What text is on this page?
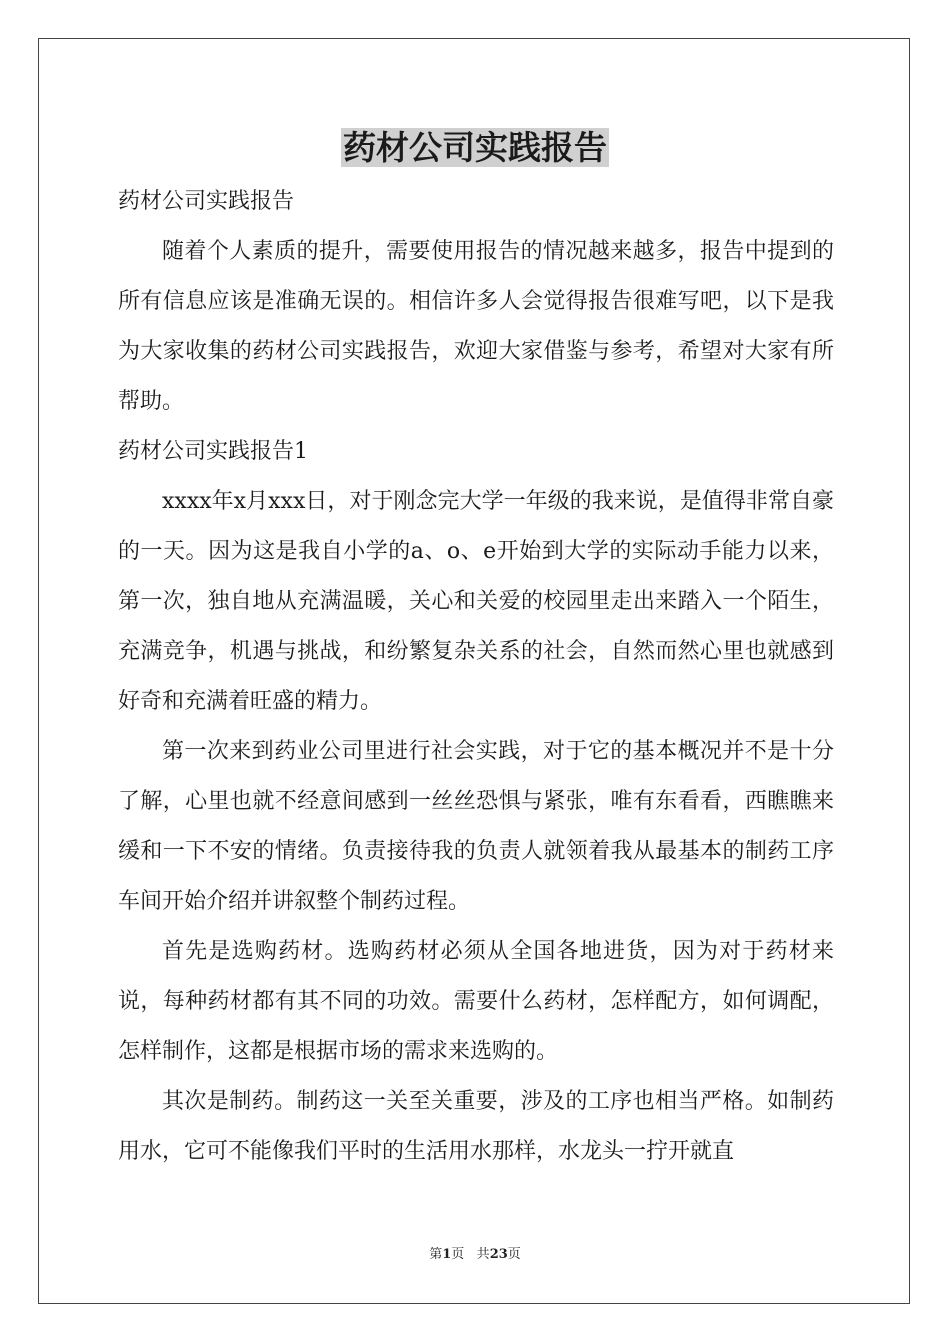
药材公司实践报告

药材公司实践报告

随着个人素质的提升，需要使用报告的情况越来越多，报告中提到的所有信息应该是准确无误的。相信许多人会觉得报告很难写吧，以下是我为大家收集的药材公司实践报告，欢迎大家借鉴与参考，希望对大家有所帮助。

药材公司实践报告1

xxxx年x月xxx日，对于刚念完大学一年级的我来说，是值得非常自豪的一天。因为这是我自小学的a、o、e开始到大学的实际动手能力以来，第一次，独自地从充满温暖，关心和关爱的校园里走出来踏入一个陌生，充满竞争，机遇与挑战，和纷繁复杂关系的社会，自然而然心里也就感到好奇和充满着旺盛的精力。

第一次来到药业公司里进行社会实践，对于它的基本概况并不是十分了解，心里也就不经意间感到一丝丝恐惧与紧张，唯有东看看，西瞧瞧来缓和一下不安的情绪。负责接待我的负责人就领着我从最基本的制药工序车间开始介绍并讲叙整个制药过程。

首先是选购药材。选购药材必须从全国各地进货，因为对于药材来说，每种药材都有其不同的功效。需要什么药材，怎样配方，如何调配，怎样制作，这都是根据市场的需求来选购的。

其次是制药。制药这一关至关重要，涉及的工序也相当严格。如制药用水，它可不能像我们平时的生活用水那样，水龙头一拧开就直

第1页 共23页
